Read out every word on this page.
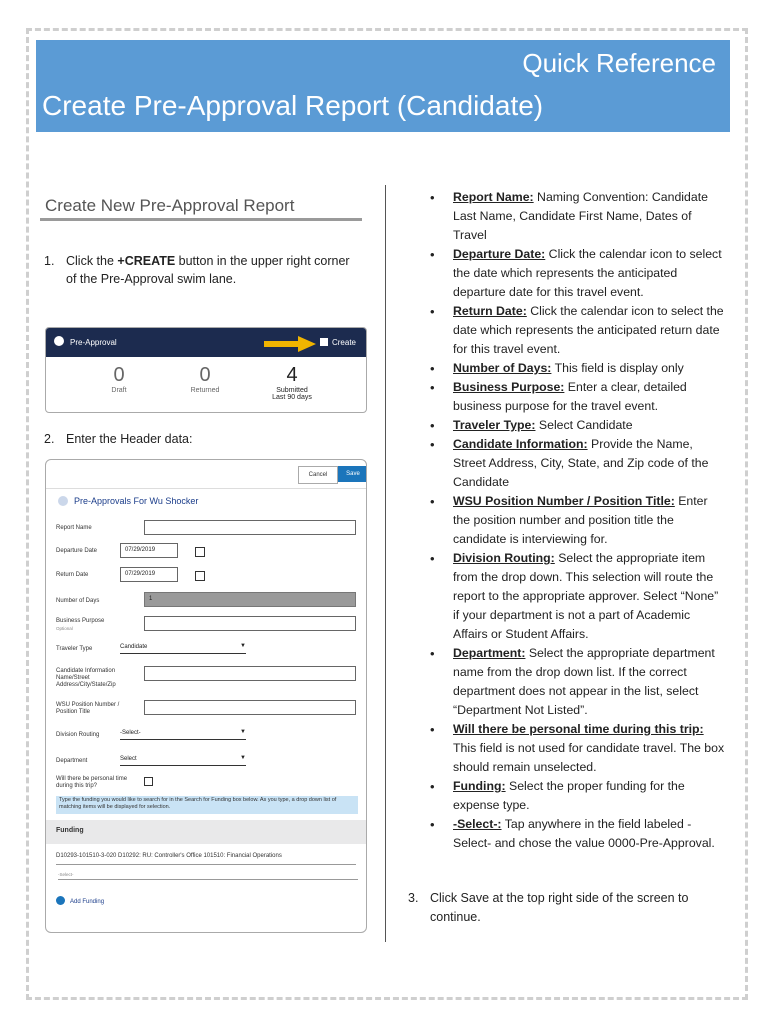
Quick Reference
Create Pre-Approval Report (Candidate)
Create New Pre-Approval Report
1. Click the +CREATE button in the upper right corner
of the Pre-Approval swim lane.
Pre-Approval	Create
0
Draft
0
Returned
4
Submitted
Last 90 days
2. Enter the Header data:
Cancel	Save
Pre-Approvals For Wu Shocker
Report Name
Departure Date	07/29/2019
Return Date	07/29/2019
Number of Days	1
Business Purpose
Optional
Traveler Type	Candidate	▼
Candidate Information
Name/Street
Address/City/State/Zip
WSU Position Number /
Position Title
Division Routing	-Select-	▼
Department	Select	▼
Will there be personal time
during this trip?
Type the funding you would like to search for in the Search for Funding box below. As you type, a drop down list of matching items will be displayed for selection.
Funding
D10293-101510-3-020 D10292: RU: Controller's Office 101510: Financial Operations
-Select-
Add Funding
• Report Name: Naming Convention: Candidate Last Name, Candidate First Name, Dates of Travel
• Departure Date: Click the calendar icon to select the date which represents the anticipated departure date for this travel event.
• Return Date: Click the calendar icon to select the date which represents the anticipated return date for this travel event.
• Number of Days: This field is display only
• Business Purpose: Enter a clear, detailed business purpose for the travel event.
• Traveler Type: Select Candidate
• Candidate Information: Provide the Name, Street Address, City, State, and Zip code of the Candidate
• WSU Position Number / Position Title: Enter the position number and position title the candidate is interviewing for.
• Division Routing: Select the appropriate item from the drop down. This selection will route the report to the appropriate approver. Select “None” if your department is not a part of Academic Affairs or Student Affairs.
• Department: Select the appropriate department name from the drop down list. If the correct department does not appear in the list, select “Department Not Listed”.
• Will there be personal time during this trip: This field is not used for candidate travel. The box should remain unselected.
• Funding: Select the proper funding for the expense type.
• -Select-: Tap anywhere in the field labeled -Select- and chose the value 0000-Pre-Approval.
3. Click Save at the top right side of the screen to continue.
